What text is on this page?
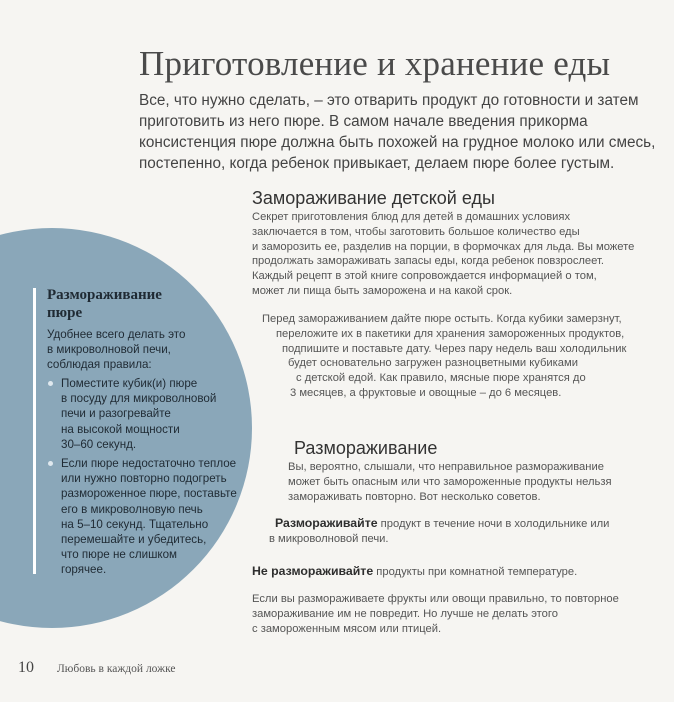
Приготовление и хранение еды
Все, что нужно сделать, – это отварить продукт до готовности и затем
приготовить из него пюре. В самом начале введения прикорма
консистенция пюре должна быть похожей на грудное молоко или смесь,
постепенно, когда ребенок привыкает, делаем пюре более густым.
Замораживание детской еды
Секрет приготовления блюд для детей в домашних условиях
заключается в том, чтобы заготовить большое количество еды
и заморозить ее, разделив на порции, в формочках для льда. Вы можете
продолжать замораживать запасы еды, когда ребенок повзрослеет.
Каждый рецепт в этой книге сопровождается информацией о том,
может ли пища быть заморожена и на какой срок.
Перед замораживанием дайте пюре остыть. Когда кубики замерзнут,
переложите их в пакетики для хранения замороженных продуктов,
подпишите и поставьте дату. Через пару недель ваш холодильник
будет основательно загружен разноцветными кубиками
с детской едой. Как правило, мясные пюре хранятся до
3 месяцев, а фруктовые и овощные – до 6 месяцев.
Размораживание
Вы, вероятно, слышали, что неправильное размораживание
может быть опасным или что замороженные продукты нельзя
замораживать повторно. Вот несколько советов.
Размораживайте продукт в течение ночи в холодильнике или
в микроволновой печи.
Не размораживайте продукты при комнатной температуре.
Если вы размораживаете фрукты или овощи правильно, то повторное
замораживание им не повредит. Но лучше не делать этого
с замороженным мясом или птицей.
Размораживание
пюре
Удобнее всего делать это
в микроволновой печи,
соблюдая правила:
Поместите кубик(и) пюре
в посуду для микроволновой
печи и разогревайте
на высокой мощности
30–60 секунд.
Если пюре недостаточно теплое
или нужно повторно подогреть
размороженное пюре, поставьте
его в микроволновую печь
на 5–10 секунд. Тщательно
перемешайте и убедитесь,
что пюре не слишком
горячее.
10 Любовь в каждой ложке
